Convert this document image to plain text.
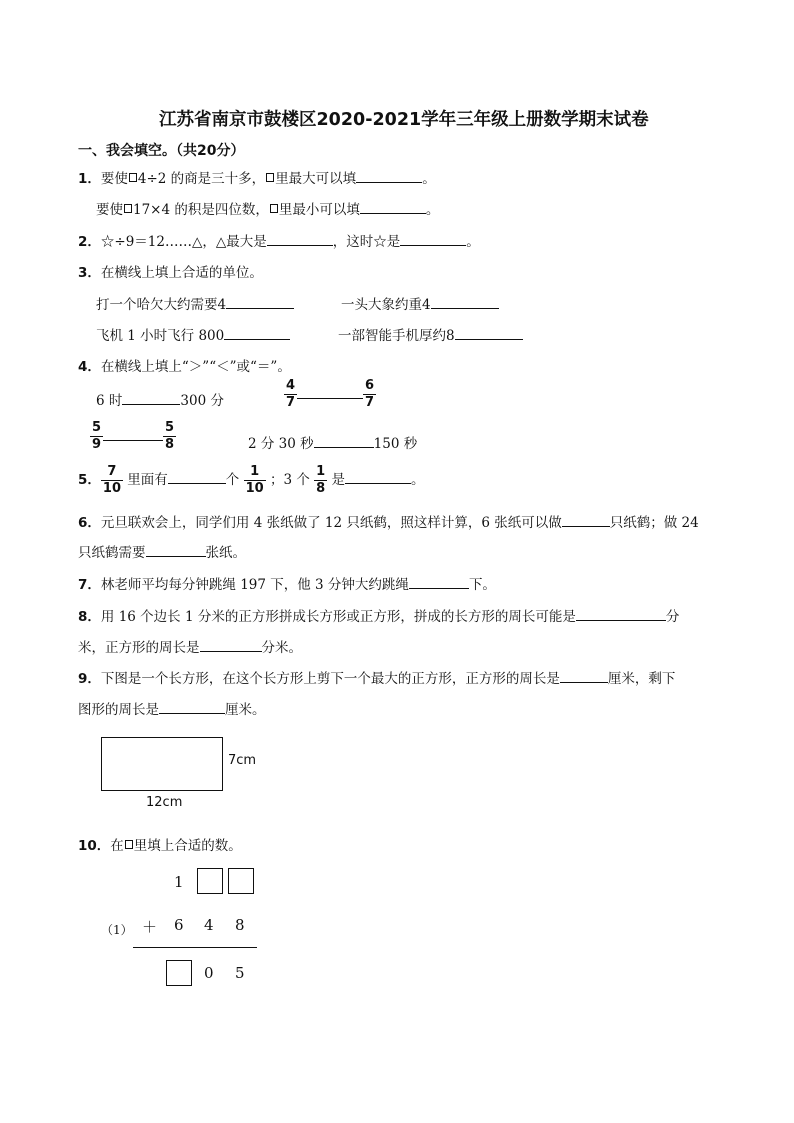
江苏省南京市鼓楼区2020-2021学年三年级上册数学期末试卷
一、我会填空。（共20分）
1．要使 4÷2 的商是三十多， 里最大可以填	。
要使 17×4 的积是四位数， 里最小可以填	。
2．☆÷9＝12……△，△最大是	，这时☆是	。
3．在横线上填上合适的单位。
打一个哈欠大约需要4	一头大象约重4
飞机 1 小时飞行 800	一部智能手机厚约8
4．在横线上填上“＞”“＜”或“＝”。
6 时	300 分	$\frac{4}{7}$	$\frac{6}{7}$
$\frac{5}{9}$	$\frac{5}{8}$	2 分 30 秒	150 秒
5． $\frac{7}{10}$ 里面有	个 $\frac{1}{10}$ ；3 个 $\frac{1}{8}$ 是	。
6．元旦联欢会上，同学们用 4 张纸做了 12 只纸鹤，照这样计算，6 张纸可以做	只纸鹤；做 24
只纸鹤需要	张纸。
7．林老师平均每分钟跳绳 197 下，他 3 分钟大约跳绳	下。
8．用 16 个边长 1 分米的正方形拼成长方形或正方形，拼成的长方形的周长可能是	分
米，正方形的周长是	分米。
9．下图是一个长方形，在这个长方形上剪下一个最大的正方形，正方形的周长是	厘米，剩下
图形的周长是	厘米。
7cm
12cm
10．在 里填上合适的数。
1
（1） ＋ 6 4 8
0 5
